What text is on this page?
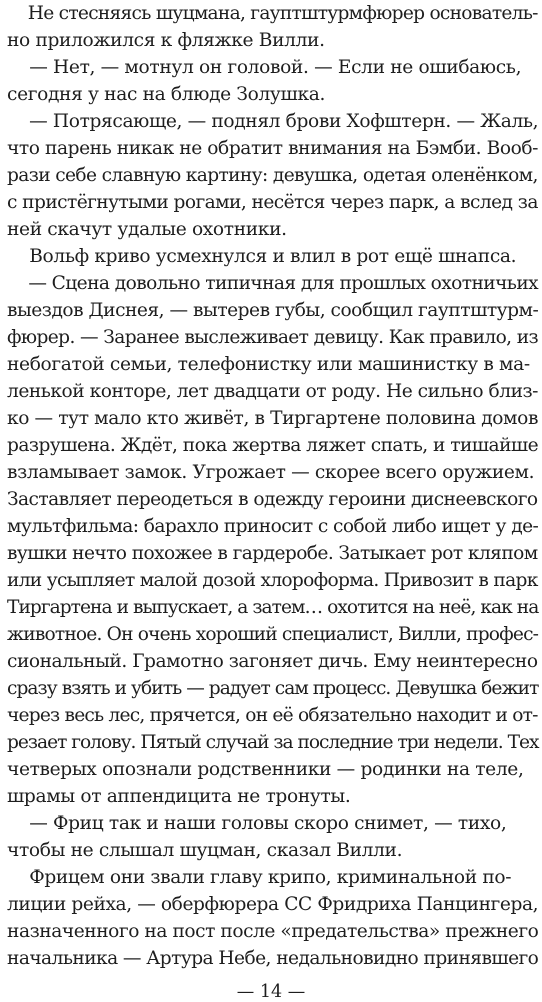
Не стесняясь шуцмана, гауптштурмфюрер основатель-
но приложился к фляжке Вилли.
— Нет, — мотнул он головой. — Если не ошибаюсь,
сегодня у нас на блюде Золушка.
— Потрясающе, — поднял брови Хофштерн. — Жаль,
что парень никак не обратит внимания на Бэмби. Вооб-
рази себе славную картину: девушка, одетая оленёнком,
с пристёгнутыми рогами, несётся через парк, а вслед за
ней скачут удалые охотники.
Вольф криво усмехнулся и влил в рот ещё шнапса.
— Сцена довольно типичная для прошлых охотничьих
выездов Диснея, — вытерев губы, сообщил гауптштурм-
фюрер. — Заранее выслеживает девицу. Как правило, из
небогатой семьи, телефонистку или машинистку в ма-
ленькой конторе, лет двадцати от роду. Не сильно близ-
ко — тут мало кто живёт, в Тиргартене половина домов
разрушена. Ждёт, пока жертва ляжет спать, и тишайше
взламывает замок. Угрожает — скорее всего оружием.
Заставляет переодеться в одежду героини диснеевского
мультфильма: барахло приносит с собой либо ищет у де-
вушки нечто похожее в гардеробе. Затыкает рот кляпом
или усыпляет малой дозой хлороформа. Привозит в парк
Тиргартена и выпускает, а затем… охотится на неё, как на
животное. Он очень хороший специалист, Вилли, профес-
сиональный. Грамотно загоняет дичь. Ему неинтересно
сразу взять и убить — радует сам процесс. Девушка бежит
через весь лес, прячется, он её обязательно находит и от-
резает голову. Пятый случай за последние три недели. Тех
четверых опознали родственники — родинки на теле,
шрамы от аппендицита не тронуты.
— Фриц так и наши головы скоро снимет, — тихо,
чтобы не слышал шуцман, сказал Вилли.
Фрицем они звали главу крипо, криминальной по-
лиции рейха, — оберфюрера СС Фридриха Панцингера,
назначенного на пост после «предательства» прежнего
начальника — Артура Небе, недальновидно принявшего
— 14 —
